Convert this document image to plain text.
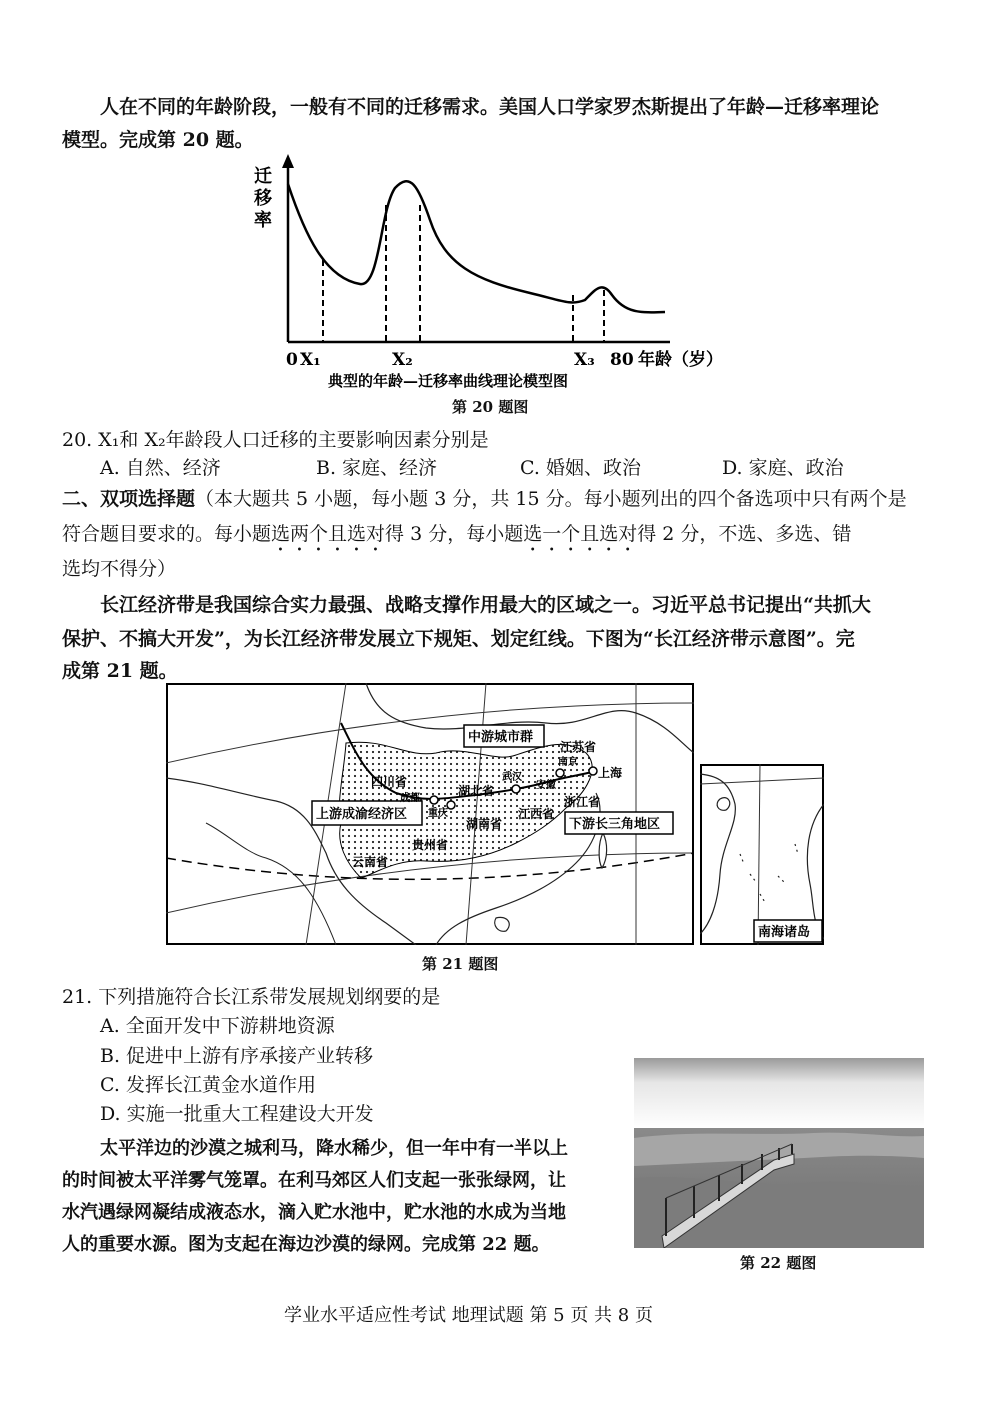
人在不同的年龄阶段，一般有不同的迁移需求。美国人口学家罗杰斯提出了年龄—迁移率理论
模型。完成第 20 题。
迁
移
率
0 X₁	X₂	X₃ 80 年龄（岁）
典型的年龄—迁移率曲线理论模型图
第 20 题图
20. X₁和 X₂年龄段人口迁移的主要影响因素分别是
A. 自然、经济	B. 家庭、经济	C. 婚姻、政治	D. 家庭、政治
二、双项选择题（本大题共 5 小题，每小题 3 分，共 15 分。每小题列出的四个备选项中只有两个是
符合题目要求的。每小题选两个且选对得 3 分，每小题选一个且选对得 2 分，不选、多选、错
选均不得分）
长江经济带是我国综合实力最强、战略支撑作用最大的区域之一。习近平总书记提出“共抓大
保护、不搞大开发”，为长江经济带发展立下规矩、划定红线。下图为“长江经济带示意图”。完
成第 21 题。
中游城市群
上游成渝经济区
下游长三角地区
四川省
成都
重庆
湖北省
武汉
安徽
江苏省
南京
上海
浙江省
江西省
湖南省
贵州省
云南省
南海诸岛
第 21 题图
21. 下列措施符合长江系带发展规划纲要的是
A. 全面开发中下游耕地资源
B. 促进中上游有序承接产业转移
C. 发挥长江黄金水道作用
D. 实施一批重大工程建设大开发
太平洋边的沙漠之城利马，降水稀少，但一年中有一半以上
的时间被太平洋雾气笼罩。在利马郊区人们支起一张张绿网，让
水汽遇绿网凝结成液态水，滴入贮水池中，贮水池的水成为当地
人的重要水源。图为支起在海边沙漠的绿网。完成第 22 题。
第 22 题图
学业水平适应性考试 地理试题 第 5 页 共 8 页
